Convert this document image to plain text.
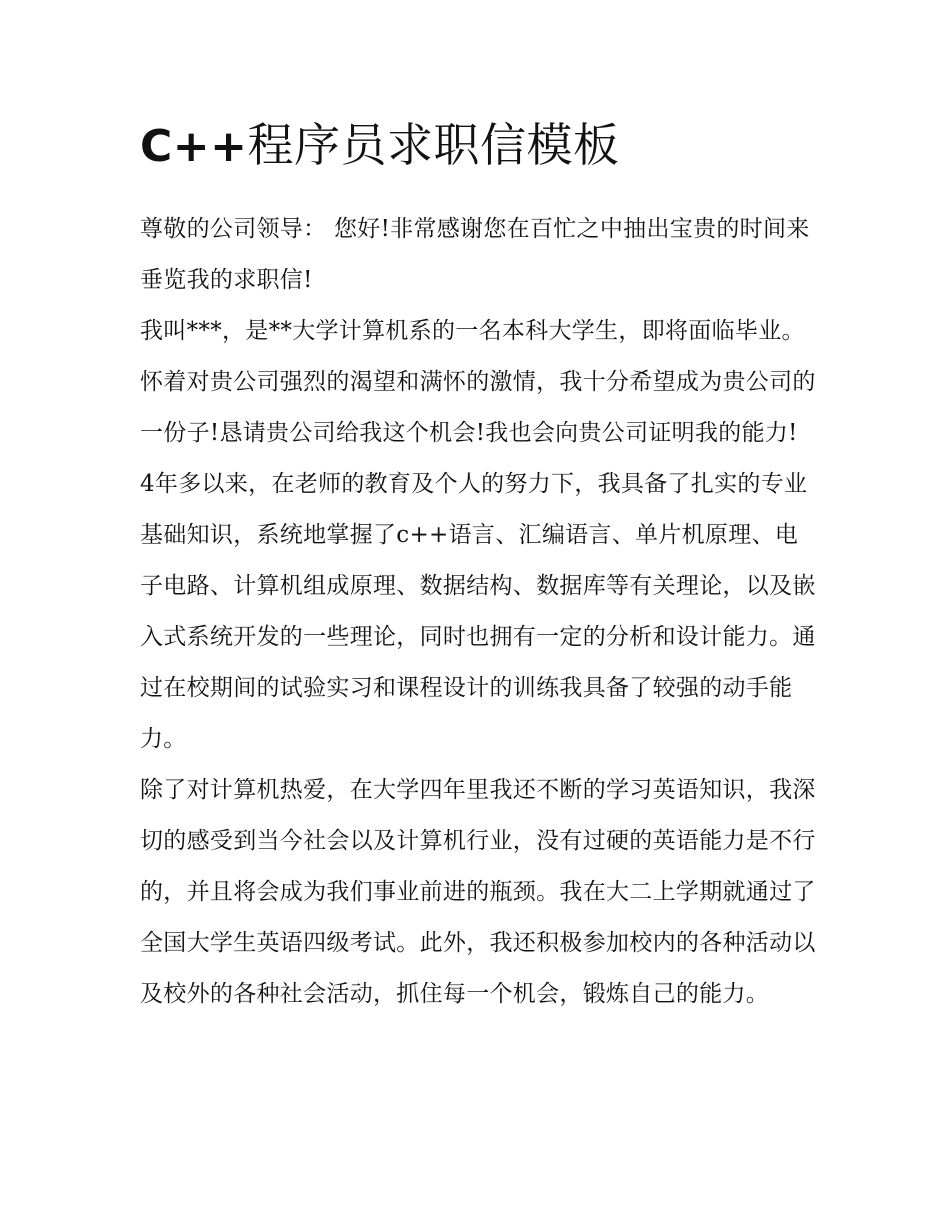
C++程序员求职信模板

尊敬的公司领导： 您好!非常感谢您在百忙之中抽出宝贵的时间来垂览我的求职信!

我叫***，是**大学计算机系的一名本科大学生，即将面临毕业。怀着对贵公司强烈的渴望和满怀的激情，我十分希望成为贵公司的一份子!恳请贵公司给我这个机会!我也会向贵公司证明我的能力!

4年多以来，在老师的教育及个人的努力下，我具备了扎实的专业基础知识，系统地掌握了c++语言、汇编语言、单片机原理、电子电路、计算机组成原理、数据结构、数据库等有关理论，以及嵌入式系统开发的一些理论，同时也拥有一定的分析和设计能力。通过在校期间的试验实习和课程设计的训练我具备了较强的动手能力。

除了对计算机热爱，在大学四年里我还不断的学习英语知识，我深切的感受到当今社会以及计算机行业，没有过硬的英语能力是不行的，并且将会成为我们事业前进的瓶颈。我在大二上学期就通过了全国大学生英语四级考试。此外，我还积极参加校内的各种活动以及校外的各种社会活动，抓住每一个机会，锻炼自己的能力。
